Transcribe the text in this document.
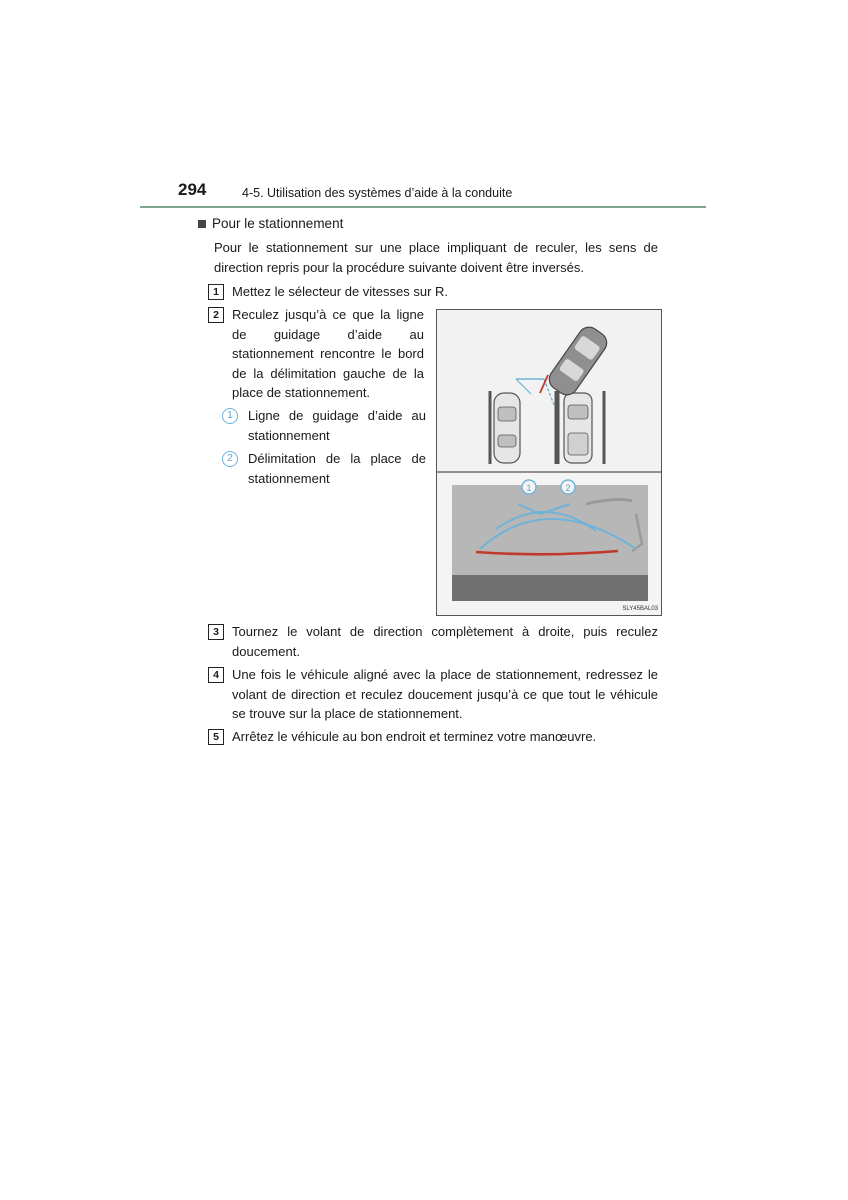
294	4-5. Utilisation des systèmes d’aide à la conduite
Pour le stationnement
Pour le stationnement sur une place impliquant de reculer, les sens de direction repris pour la procédure suivante doivent être inversés.
1	Mettez le sélecteur de vitesses sur R.
2	Reculez jusqu’à ce que la ligne de guidage d’aide au stationnement rencontre le bord de la délimitation gauche de la place de stationnement.
1	Ligne de guidage d’aide au stationnement
2	Délimitation de la place de stationnement
1	2
SLY45BAL03
3	Tournez le volant de direction complètement à droite, puis reculez doucement.
4	Une fois le véhicule aligné avec la place de stationnement, redressez le volant de direction et reculez doucement jusqu’à ce que tout le véhicule se trouve sur la place de stationnement.
5	Arrêtez le véhicule au bon endroit et terminez votre manœuvre.
